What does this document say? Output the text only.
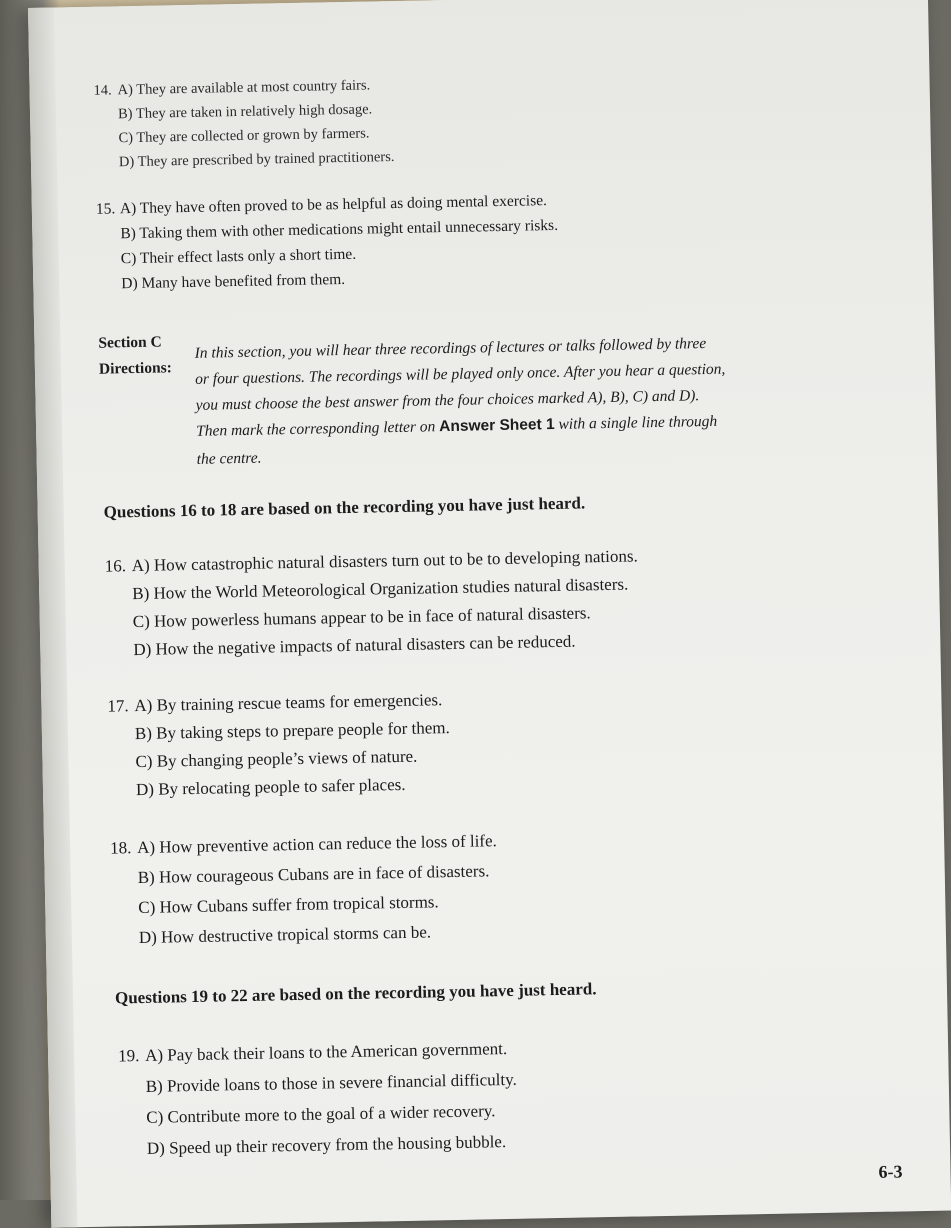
14. A) They are available at most country fairs.
B) They are taken in relatively high dosage.
C) They are collected or grown by farmers.
D) They are prescribed by trained practitioners.
15. A) They have often proved to be as helpful as doing mental exercise.
B) Taking them with other medications might entail unnecessary risks.
C) Their effect lasts only a short time.
D) Many have benefited from them.
Section C
Directions:
In this section, you will hear three recordings of lectures or talks followed by three
or four questions. The recordings will be played only once. After you hear a question,
you must choose the best answer from the four choices marked A), B), C) and D).
Then mark the corresponding letter on Answer Sheet 1 with a single line through
the centre.
Questions 16 to 18 are based on the recording you have just heard.
16. A) How catastrophic natural disasters turn out to be to developing nations.
B) How the World Meteorological Organization studies natural disasters.
C) How powerless humans appear to be in face of natural disasters.
D) How the negative impacts of natural disasters can be reduced.
17. A) By training rescue teams for emergencies.
B) By taking steps to prepare people for them.
C) By changing people’s views of nature.
D) By relocating people to safer places.
18. A) How preventive action can reduce the loss of life.
B) How courageous Cubans are in face of disasters.
C) How Cubans suffer from tropical storms.
D) How destructive tropical storms can be.
Questions 19 to 22 are based on the recording you have just heard.
19. A) Pay back their loans to the American government.
B) Provide loans to those in severe financial difficulty.
C) Contribute more to the goal of a wider recovery.
D) Speed up their recovery from the housing bubble.
6-3
